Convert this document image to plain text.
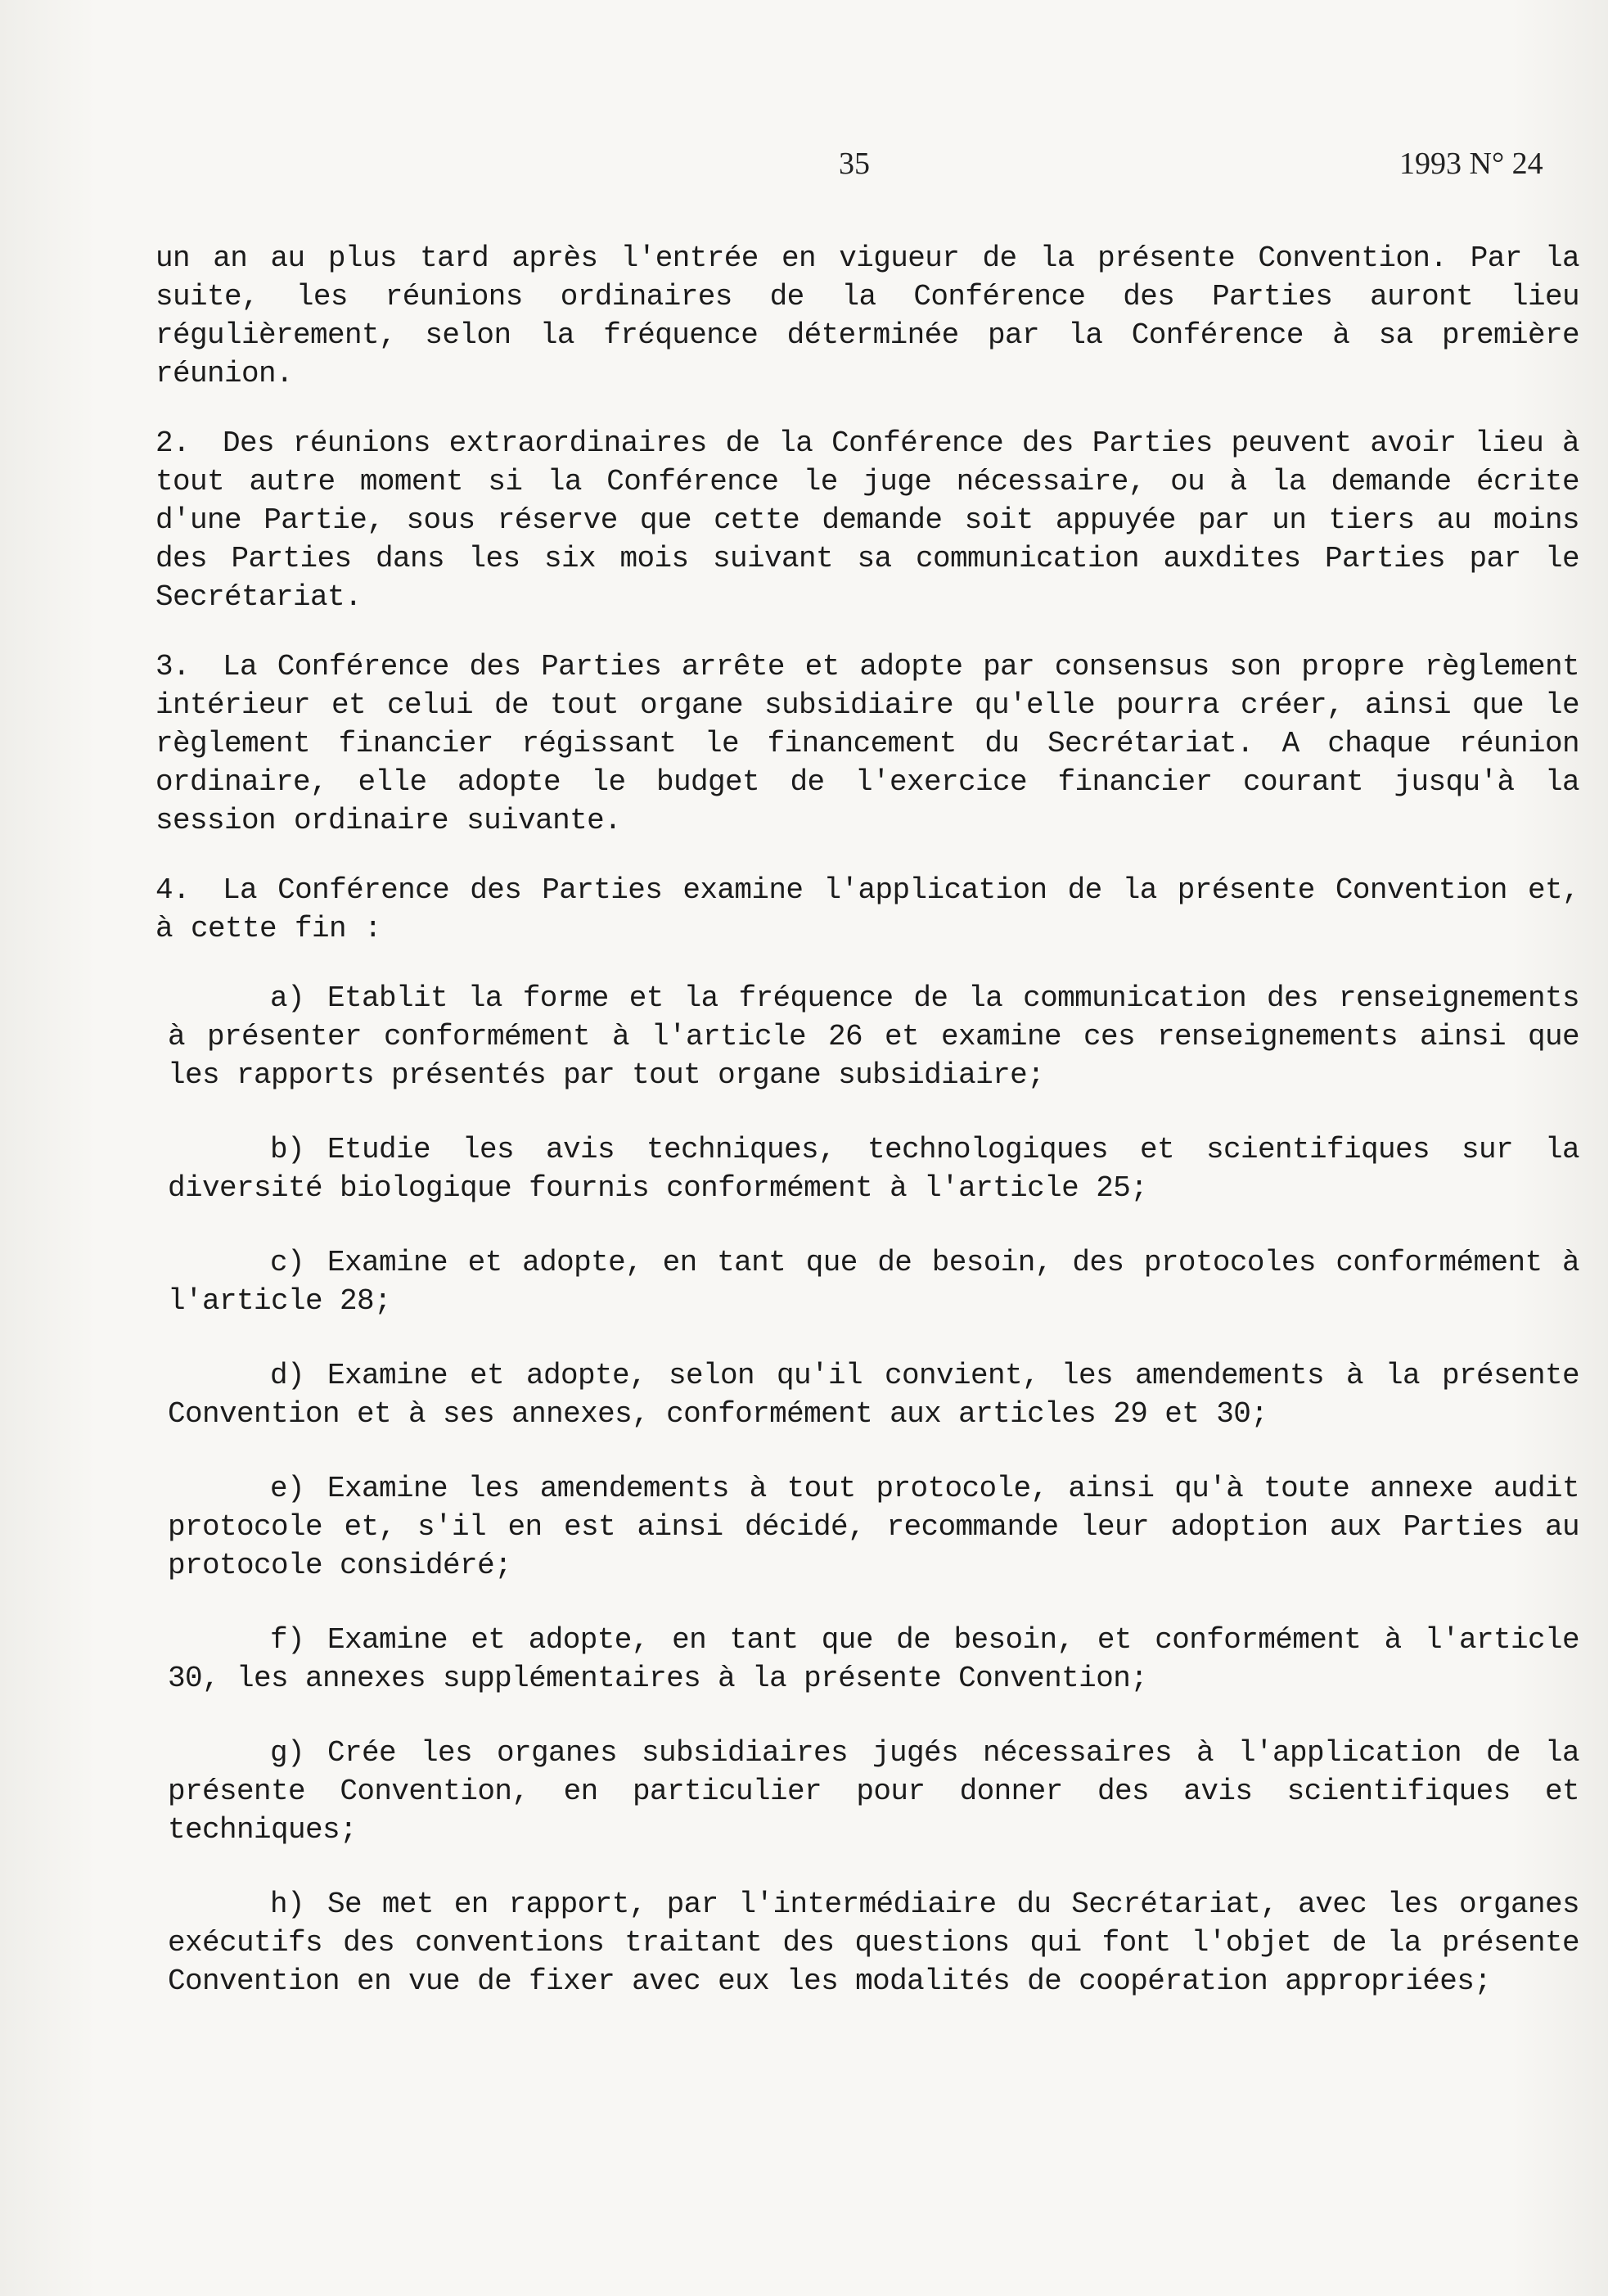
35	1993 N° 24

un an au plus tard après l'entrée en vigueur de la présente Convention. Par la suite, les réunions ordinaires de la Conférence des Parties auront lieu régulièrement, selon la fréquence déterminée par la Conférence à sa première réunion.

2. Des réunions extraordinaires de la Conférence des Parties peuvent avoir lieu à tout autre moment si la Conférence le juge nécessaire, ou à la demande écrite d'une Partie, sous réserve que cette demande soit appuyée par un tiers au moins des Parties dans les six mois suivant sa communication auxdites Parties par le Secrétariat.

3. La Conférence des Parties arrête et adopte par consensus son propre règlement intérieur et celui de tout organe subsidiaire qu'elle pourra créer, ainsi que le règlement financier régissant le financement du Secrétariat. A chaque réunion ordinaire, elle adopte le budget de l'exercice financier courant jusqu'à la session ordinaire suivante.

4. La Conférence des Parties examine l'application de la présente Convention et, à cette fin :

a) Etablit la forme et la fréquence de la communication des renseignements à présenter conformément à l'article 26 et examine ces renseignements ainsi que les rapports présentés par tout organe subsidiaire;

b) Etudie les avis techniques, technologiques et scientifiques sur la diversité biologique fournis conformément à l'article 25;

c) Examine et adopte, en tant que de besoin, des protocoles conformément à l'article 28;

d) Examine et adopte, selon qu'il convient, les amendements à la présente Convention et à ses annexes, conformément aux articles 29 et 30;

e) Examine les amendements à tout protocole, ainsi qu'à toute annexe audit protocole et, s'il en est ainsi décidé, recommande leur adoption aux Parties au protocole considéré;

f) Examine et adopte, en tant que de besoin, et conformément à l'article 30, les annexes supplémentaires à la présente Convention;

g) Crée les organes subsidiaires jugés nécessaires à l'application de la présente Convention, en particulier pour donner des avis scientifiques et techniques;

h) Se met en rapport, par l'intermédiaire du Secrétariat, avec les organes exécutifs des conventions traitant des questions qui font l'objet de la présente Convention en vue de fixer avec eux les modalités de coopération appropriées;
